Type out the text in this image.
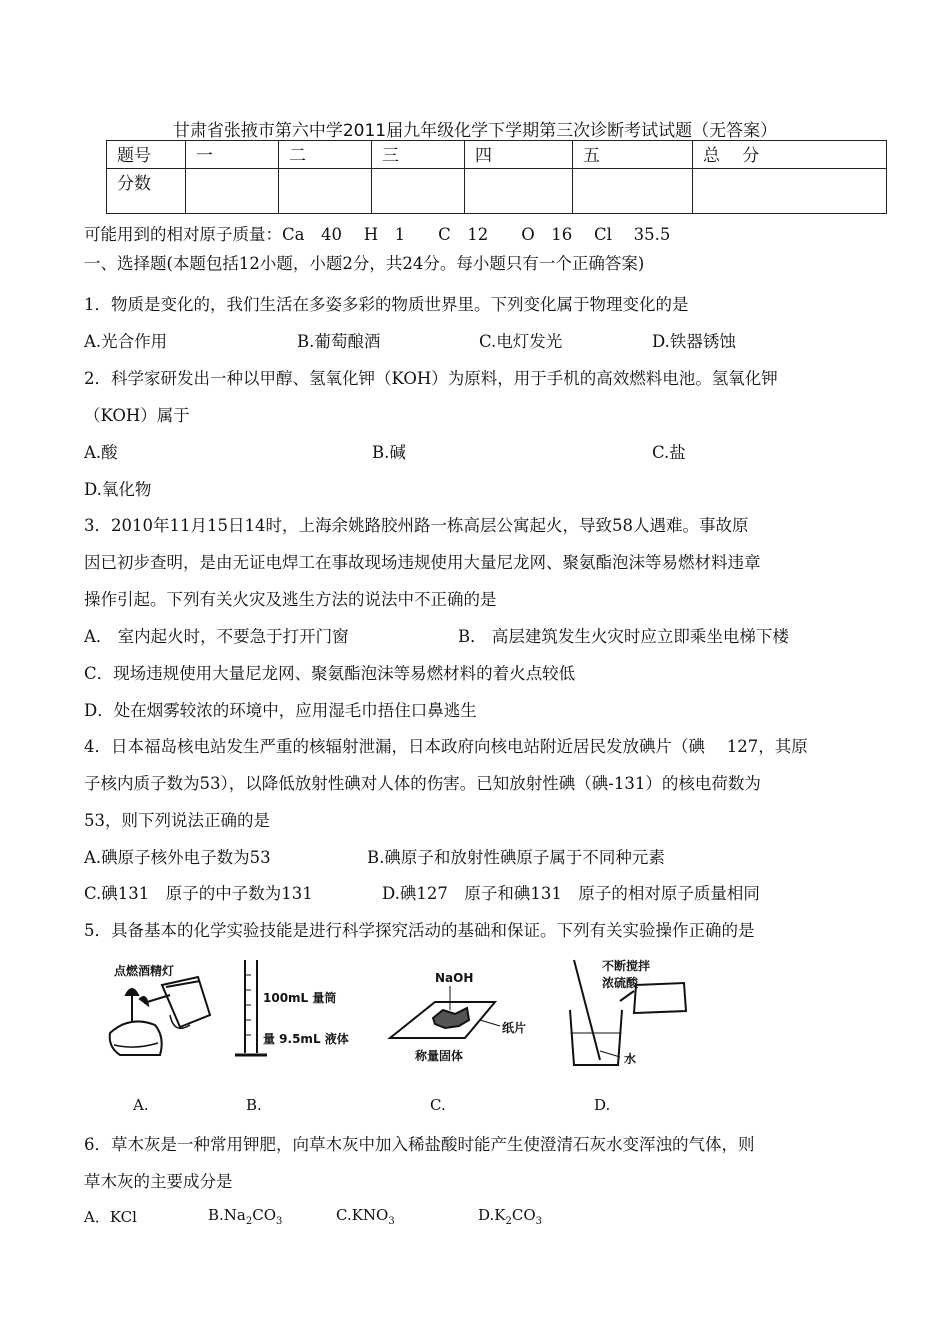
甘肃省张掖市第六中学2011届九年级化学下学期第三次诊断考试试题（无答案）
题号	一	二	三	四	五	总　 分
分数						
可能用到的相对原子质量：Ca　40　 H　1　　C　12　　O　16　 Cl　 35.5
一、选择题(本题包括12小题，小题2分，共24分。每小题只有一个正确答案)
1．物质是变化的，我们生活在多姿多彩的物质世界里。下列变化属于物理变化的是
A.光合作用	B.葡萄酿酒	C.电灯发光	D.铁器锈蚀
2．科学家研发出一种以甲醇、氢氧化钾（KOH）为原料，用于手机的高效燃料电池。氢氧化钾
（KOH）属于
A.酸	B.碱	C.盐
D.氧化物
3．2010年11月15日14时，上海余姚路胶州路一栋高层公寓起火，导致58人遇难。事故原
因已初步查明，是由无证电焊工在事故现场违规使用大量尼龙网、聚氨酯泡沫等易燃材料违章
操作引起。下列有关火灾及逃生方法的说法中不正确的是
A． 室内起火时，不要急于打开门窗	B． 高层建筑发生火灾时应立即乘坐电梯下楼
C．现场违规使用大量尼龙网、聚氨酯泡沫等易燃材料的着火点较低
D．处在烟雾较浓的环境中，应用湿毛巾捂住口鼻逃生
4．日本福岛核电站发生严重的核辐射泄漏，日本政府向核电站附近居民发放碘片（碘　 127，其原
子核内质子数为53），以降低放射性碘对人体的伤害。已知放射性碘（碘-131）的核电荷数为
53，则下列说法正确的是
A.碘原子核外电子数为53	B.碘原子和放射性碘原子属于不同种元素
C.碘131　原子的中子数为131	D.碘127　原子和碘131　原子的相对原子质量相同
5．具备基本的化学实验技能是进行科学探究活动的基础和保证。下列有关实验操作正确的是
点燃酒精灯
100mL 量筒
量 9.5mL 液体
NaOH
纸片
称量固体
不断搅拌
浓硫酸
水
A.	B.	C.	D.
6．草木灰是一种常用钾肥，向草木灰中加入稀盐酸时能产生使澄清石灰水变浑浊的气体，则
草木灰的主要成分是
A．KCl	$B.Na_2CO_3$	$C.KNO_3$	$D.K_2CO_3$
